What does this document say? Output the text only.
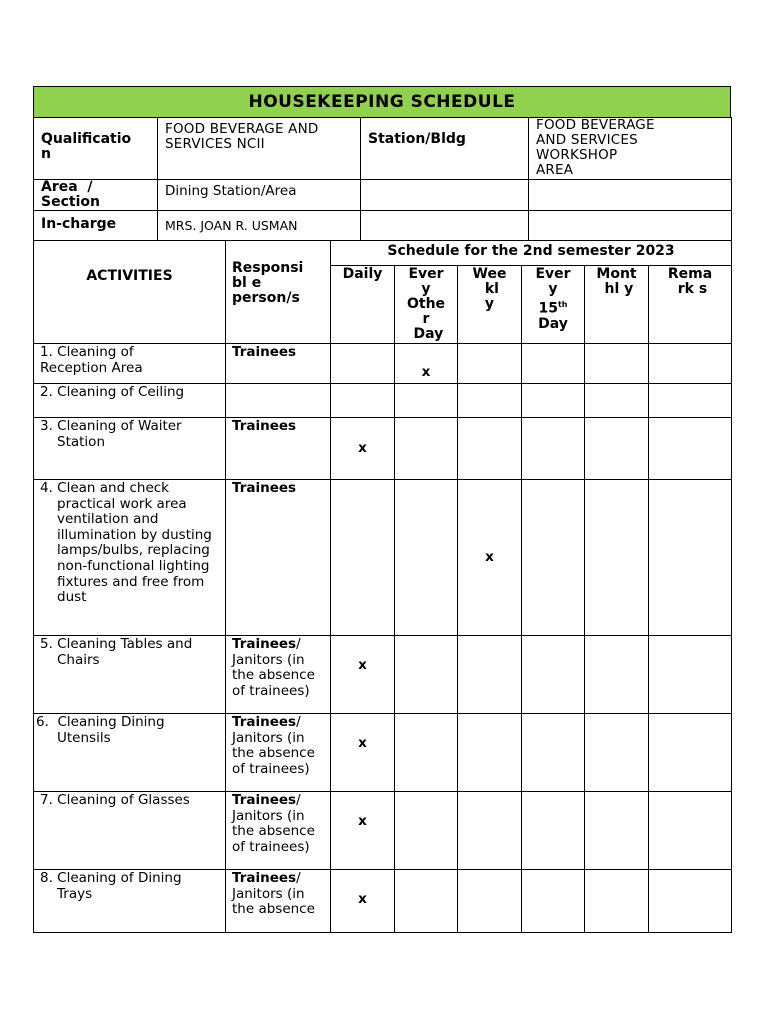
HOUSEKEEPING SCHEDULE
Qualificatio
n	FOOD BEVERAGE AND
SERVICES NCII	Station/Bldg	FOOD BEVERAGE
AND SERVICES
WORKSHOP
AREA
Area  /
Section	Dining Station/Area		
In-charge	MRS. JOAN R. USMAN		
ACTIVITIES	Responsi
bl e
person/s	Schedule for the 2nd semester 2023					
		Daily	Ever
y
Othe
r
Day	Wee
kl
y	Ever
y
15th
Day	Mont
hl y	Rema
rk s
1. Cleaning of
Reception Area	Trainees		x				
2. Cleaning of Ceiling							
3. Cleaning of Waiter
Station	Trainees	x					
4. Clean and check
practical work area ventilation and illumination by dusting lamps/bulbs, replacing non-functional lighting fixtures and free from dust	Trainees			x			
5. Cleaning Tables and
Chairs	Trainees/ Janitors (in the absence of trainees)	x					
6.  Cleaning Dining
Utensils	Trainees/ Janitors (in the absence of trainees)	x					
7. Cleaning of Glasses	Trainees/ Janitors (in the absence of trainees)	x					
8. Cleaning of Dining
Trays	Trainees/ Janitors (in the absence	x					
